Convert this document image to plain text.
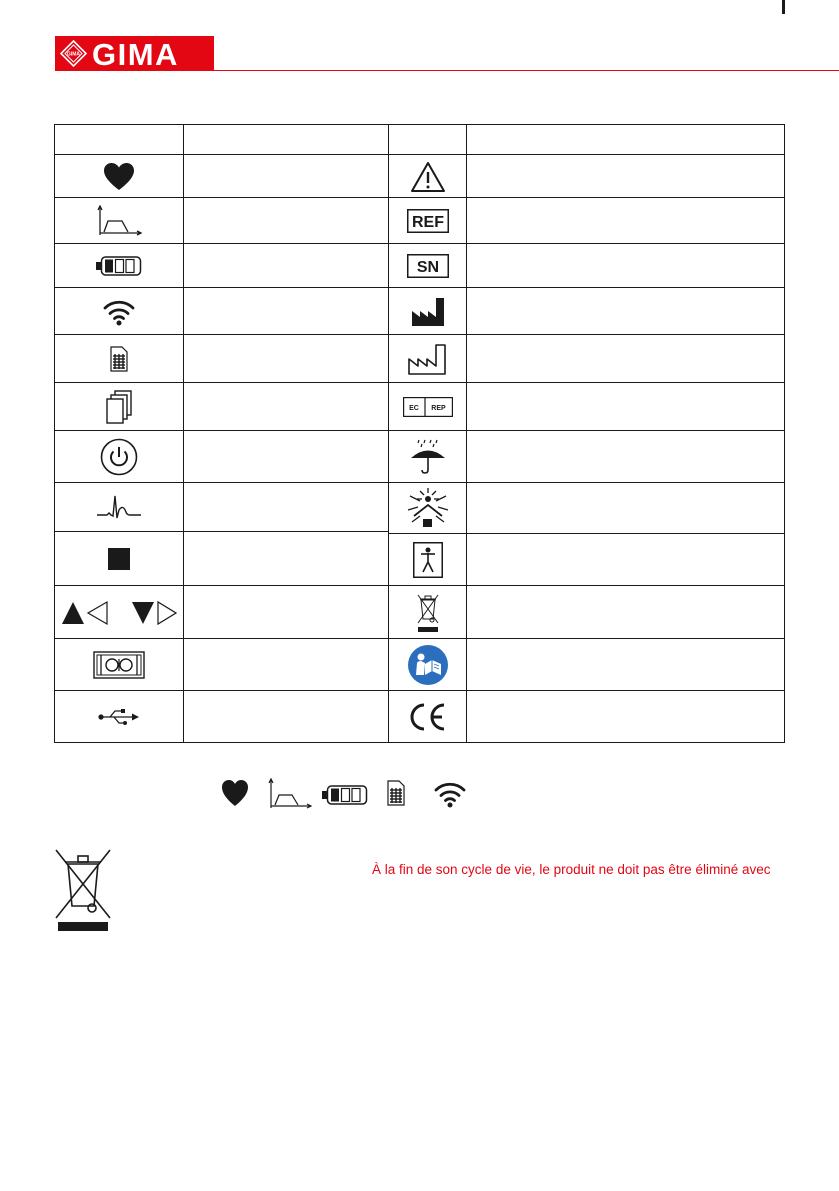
GIMA GIMA
REF
SN
EC REP
À la fin de son cycle de vie, le produit ne doit pas être éliminé avec
